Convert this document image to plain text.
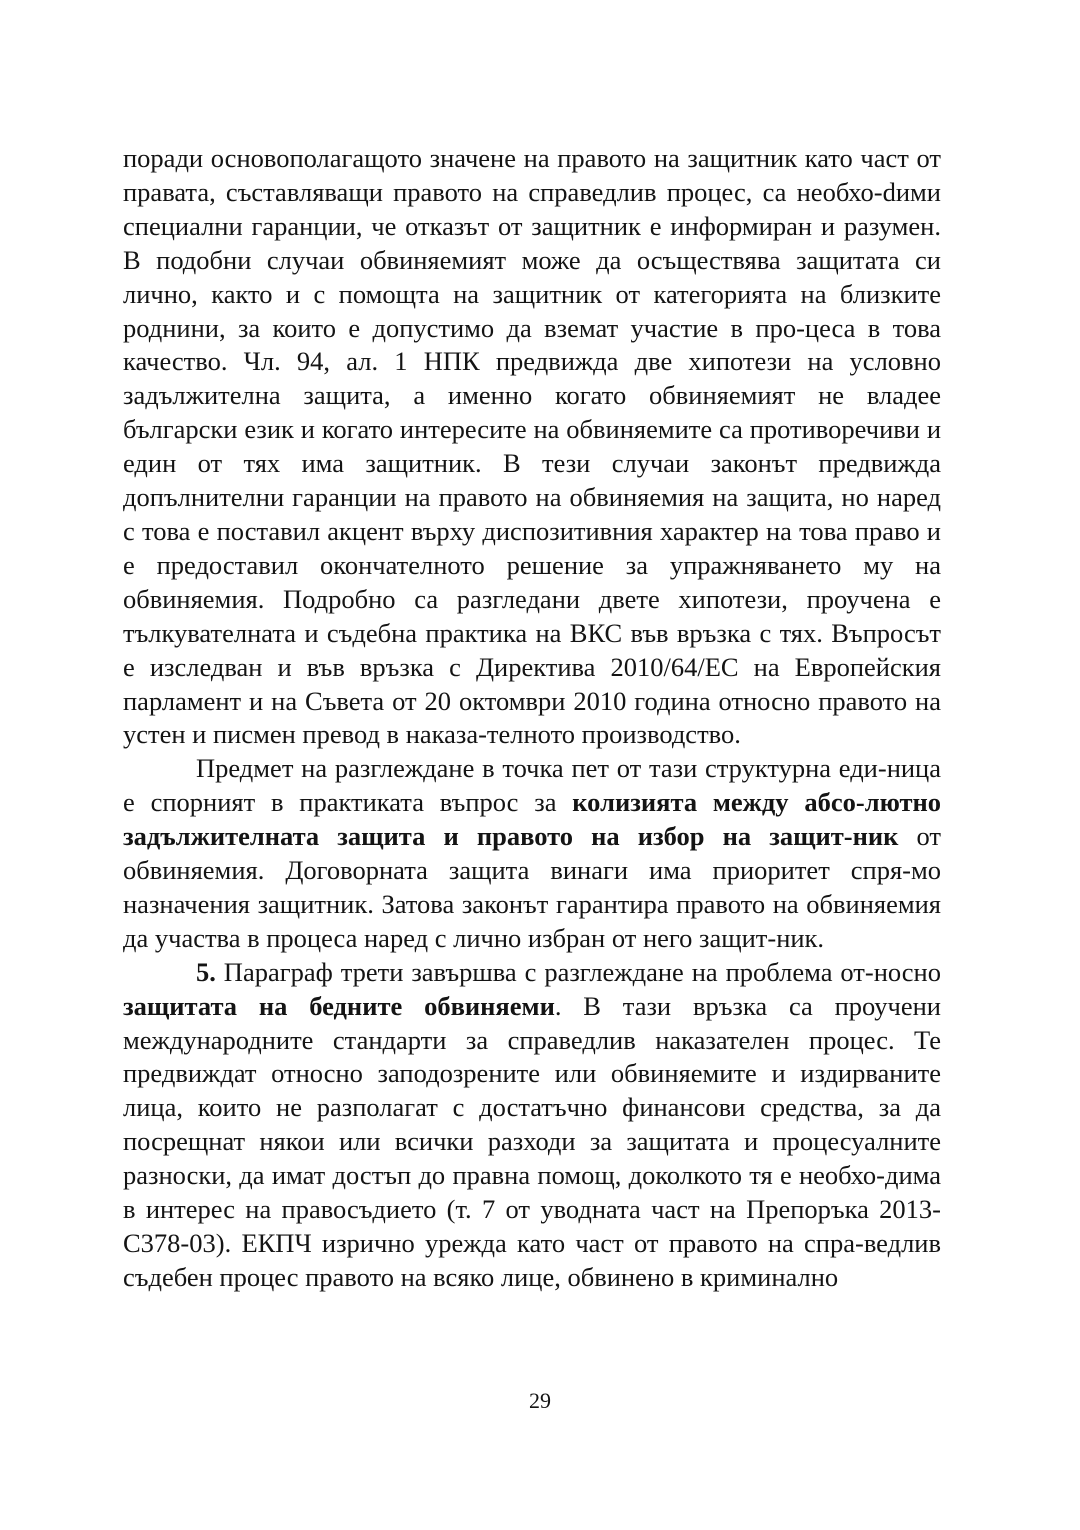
поради основополагащото значене на правото на защитник като част от правата, съставляващи правото на справедлив процес, са необхо-dими специални гаранции, че отказът от защитник е информиран и разумен. В подобни случаи обвиняемият може да осъществява защитата си лично, както и с помощта на защитник от категорията на близките роднини, за които е допустимо да вземат участие в про-цеса в това качество. Чл. 94, ал. 1 НПК предвижда две хипотези на условно задължителна защита, а именно когато обвиняемият не владее български език и когато интересите на обвиняемите са противоречиви и един от тях има защитник. В тези случаи законът предвижда допълнителни гаранции на правото на обвиняемия на защита, но наред с това е поставил акцент върху диспозитивния характер на това право и е предоставил окончателното решение за упражняването му на обвиняемия. Подробно са разгледани двете хипотези, проучена е тълкувателната и съдебна практика на ВКС във връзка с тях. Въпросът е изследван и във връзка с Директива 2010/64/ЕС на Европейския парламент и на Съвета от 20 октомври 2010 година относно правото на устен и писмен превод в наказа-телното производство.

Предмет на разглеждане в точка пет от тази структурна еди-ница е спорният в практиката въпрос за колизията между абсо-лютно задължителната защита и правото на избор на защит-ник от обвиняемия. Договорната защита винаги има приоритет спря-мо назначения защитник. Затова законът гарантира правото на обвиняемия да участва в процеса наред с лично избран от него защит-ник.

5. Параграф трети завършва с разглеждане на проблема от-носно защитата на бедните обвиняеми. В тази връзка са проучени международните стандарти за справедлив наказателен процес. Те предвиждат относно заподозрените или обвиняемите и издирваните лица, които не разполагат с достатъчно финансови средства, за да посрещнат някои или всички разходи за защитата и процесуалните разноски, да имат достъп до правна помощ, доколкото тя е необхо-дима в интерес на правосъдието (т. 7 от уводната част на Препоръка 2013-С378-03). ЕКПЧ изрично урежда като част от правото на спра-ведлив съдебен процес правото на всяко лице, обвинено в криминално

29
